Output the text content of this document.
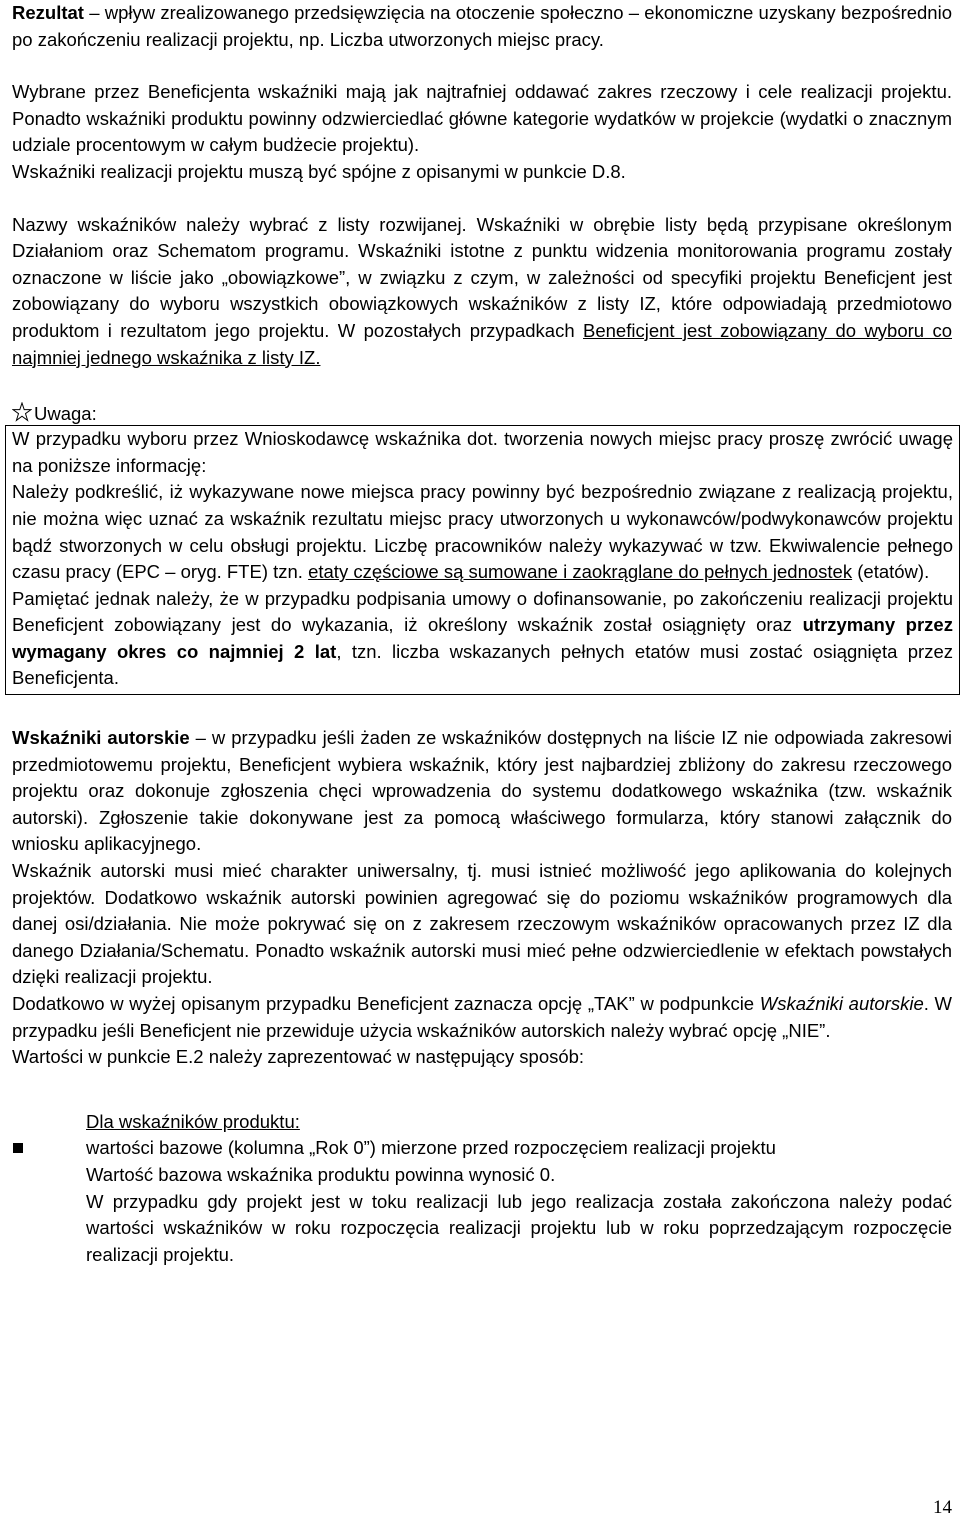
Rezultat – wpływ zrealizowanego przedsięwzięcia na otoczenie społeczno – ekonomiczne uzyskany bezpośrednio po zakończeniu realizacji projektu, np. Liczba utworzonych miejsc pracy.

Wybrane przez Beneficjenta wskaźniki mają jak najtrafniej oddawać zakres rzeczowy i cele realizacji projektu. Ponadto wskaźniki produktu powinny odzwierciedlać główne kategorie wydatków w projekcie (wydatki o znacznym udziale procentowym w całym budżecie projektu).

Wskaźniki realizacji projektu muszą być spójne z opisanymi w punkcie D.8.

Nazwy wskaźników należy wybrać z listy rozwijanej. Wskaźniki w obrębie listy będą przypisane określonym Działaniom oraz Schematom programu. Wskaźniki istotne z punktu widzenia monitorowania programu zostały oznaczone w liście jako „obowiązkowe”, w związku z czym, w zależności od specyfiki projektu Beneficjent jest zobowiązany do wyboru wszystkich obowiązkowych wskaźników z listy IZ, które odpowiadają przedmiotowo produktom i rezultatom jego projektu. W pozostałych przypadkach Beneficjent jest zobowiązany do wyboru co najmniej jednego wskaźnika z listy IZ.

Uwaga:

W przypadku wyboru przez Wnioskodawcę wskaźnika dot. tworzenia nowych miejsc pracy proszę zwrócić uwagę na poniższe informację:

Należy podkreślić, iż wykazywane nowe miejsca pracy powinny być bezpośrednio związane z realizacją projektu, nie można więc uznać za wskaźnik rezultatu miejsc pracy utworzonych u wykonawców/podwykonawców projektu bądź stworzonych w celu obsługi projektu. Liczbę pracowników należy wykazywać w tzw. Ekwiwalencie pełnego czasu pracy (EPC – oryg. FTE) tzn. etaty częściowe są sumowane i zaokrąglane do pełnych jednostek (etatów).

Pamiętać jednak należy, że w przypadku podpisania umowy o dofinansowanie, po zakończeniu realizacji projektu Beneficjent zobowiązany jest do wykazania, iż określony wskaźnik został osiągnięty oraz utrzymany przez wymagany okres co najmniej 2 lat, tzn. liczba wskazanych pełnych etatów musi zostać osiągnięta przez Beneficjenta.

Wskaźniki autorskie – w przypadku jeśli żaden ze wskaźników dostępnych na liście IZ nie odpowiada zakresowi przedmiotowemu projektu, Beneficjent wybiera wskaźnik, który jest najbardziej zbliżony do zakresu rzeczowego projektu oraz dokonuje zgłoszenia chęci wprowadzenia do systemu dodatkowego wskaźnika (tzw. wskaźnik autorski). Zgłoszenie takie dokonywane jest za pomocą właściwego formularza, który stanowi załącznik do wniosku aplikacyjnego.

Wskaźnik autorski musi mieć charakter uniwersalny, tj. musi istnieć możliwość jego aplikowania do kolejnych projektów. Dodatkowo wskaźnik autorski powinien agregować się do poziomu wskaźników programowych dla danej osi/działania. Nie może pokrywać się on z zakresem rzeczowym wskaźników opracowanych przez IZ dla danego Działania/Schematu. Ponadto wskaźnik autorski musi mieć pełne odzwierciedlenie w efektach powstałych dzięki realizacji projektu.

Dodatkowo w wyżej opisanym przypadku Beneficjent zaznacza opcję „TAK” w podpunkcie Wskaźniki autorskie. W przypadku jeśli Beneficjent nie przewiduje użycia wskaźników autorskich należy wybrać opcję „NIE”.

Wartości w punkcie E.2 należy zaprezentować w następujący sposób:

Dla wskaźników produktu:

wartości bazowe (kolumna „Rok 0”) mierzone przed rozpoczęciem realizacji projektu

Wartość bazowa wskaźnika produktu powinna wynosić 0.

W przypadku gdy projekt jest w toku realizacji lub jego realizacja została zakończona należy podać wartości wskaźników w roku rozpoczęcia realizacji projektu lub w roku poprzedzającym rozpoczęcie realizacji projektu.

14
